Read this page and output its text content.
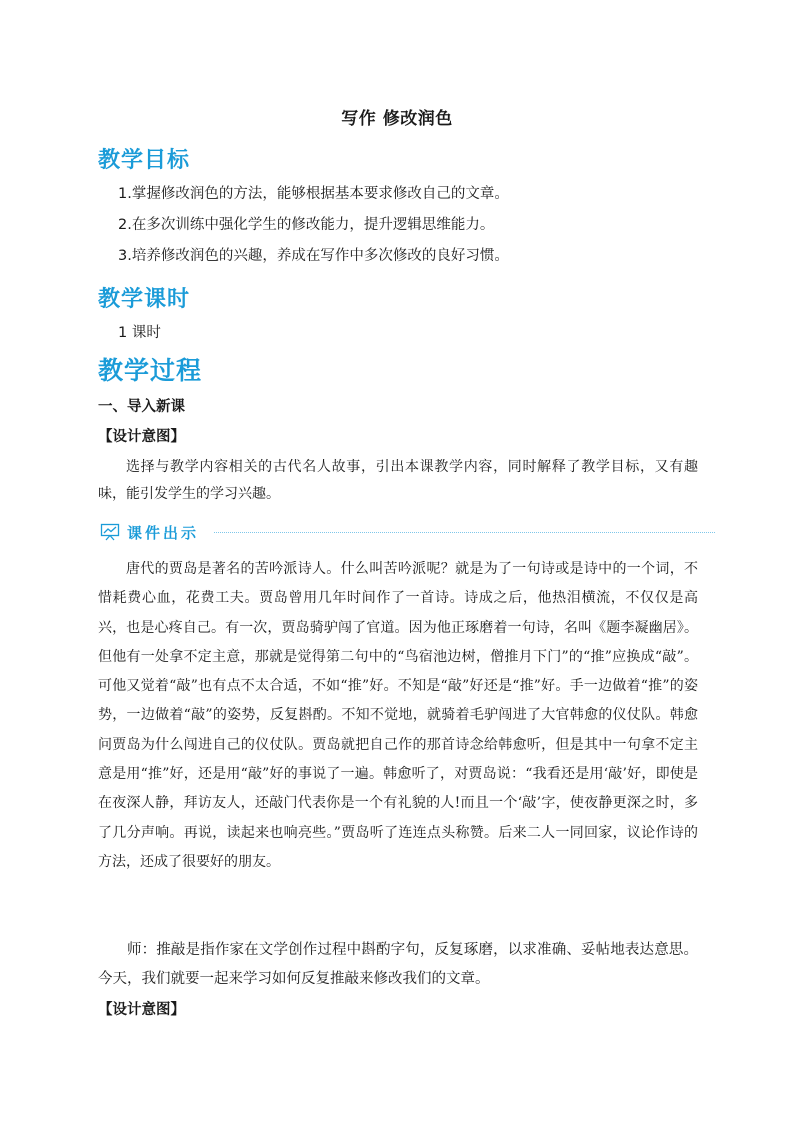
写作 修改润色
教学目标
1.掌握修改润色的方法，能够根据基本要求修改自己的文章。
2.在多次训练中强化学生的修改能力，提升逻辑思维能力。
3.培养修改润色的兴趣，养成在写作中多次修改的良好习惯。
教学课时
1 课时
教学过程
一、导入新课
【设计意图】
选择与教学内容相关的古代名人故事，引出本课教学内容，同时解释了教学目标，又有趣味，能引发学生的学习兴趣。
课件出示
唐代的贾岛是著名的苦吟派诗人。什么叫苦吟派呢？就是为了一句诗或是诗中的一个词，不惜耗费心血，花费工夫。贾岛曾用几年时间作了一首诗。诗成之后，他热泪横流，不仅仅是高兴，也是心疼自己。有一次，贾岛骑驴闯了官道。因为他正琢磨着一句诗，名叫《题李凝幽居》。但他有一处拿不定主意，那就是觉得第二句中的“鸟宿池边树，僧推月下门”的“推”应换成“敲”。可他又觉着“敲”也有点不太合适，不如“推”好。不知是“敲”好还是“推”好。手一边做着“推”的姿势，一边做着“敲”的姿势，反复斟酌。不知不觉地，就骑着毛驴闯进了大官韩愈的仪仗队。韩愈问贾岛为什么闯进自己的仪仗队。贾岛就把自己作的那首诗念给韩愈听，但是其中一句拿不定主意是用“推”好，还是用“敲”好的事说了一遍。韩愈听了，对贾岛说：“我看还是用‘敲’好，即使是在夜深人静，拜访友人，还敲门代表你是一个有礼貌的人!而且一个‘敲’字，使夜静更深之时，多了几分声响。再说，读起来也响亮些。”贾岛听了连连点头称赞。后来二人一同回家，议论作诗的方法，还成了很要好的朋友。
师：推敲是指作家在文学创作过程中斟酌字句，反复琢磨，以求准确、妥帖地表达意思。今天，我们就要一起来学习如何反复推敲来修改我们的文章。
【设计意图】
